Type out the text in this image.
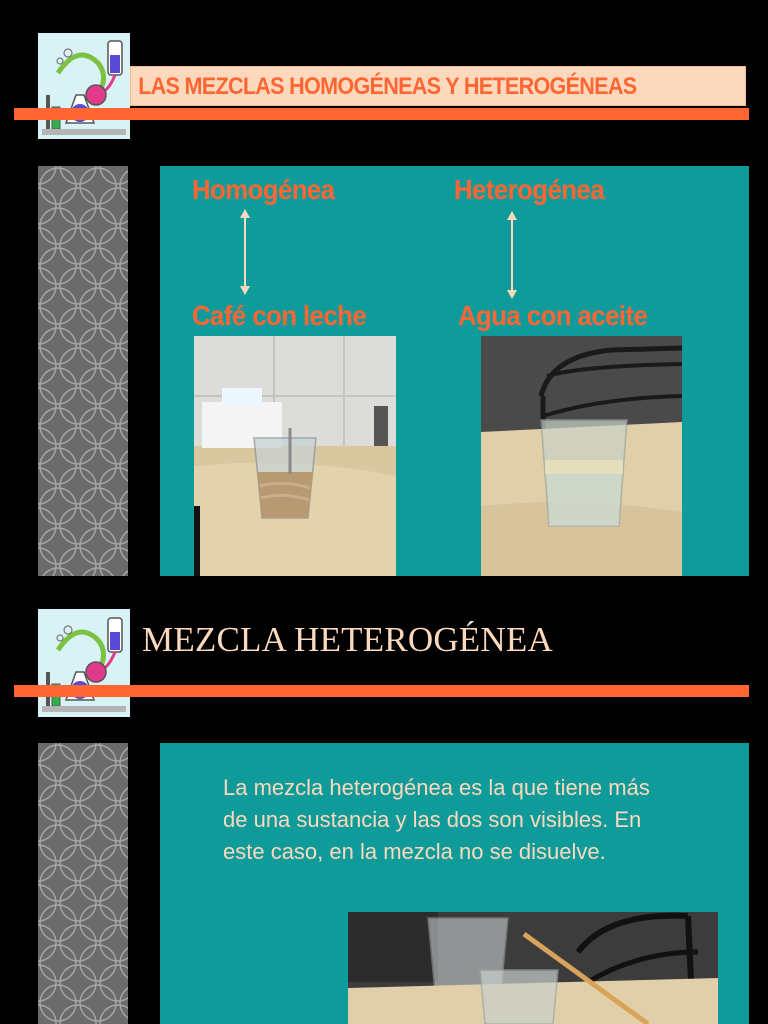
LAS MEZCLAS HOMOGÉNEAS Y HETEROGÉNEAS
Homogénea	Heterogénea
Café con leche	Agua con aceite
MEZCLA HETEROGÉNEA
La mezcla heterogénea es la que tiene más de una sustancia y las dos son visibles. En este caso, en la mezcla no se disuelve.
